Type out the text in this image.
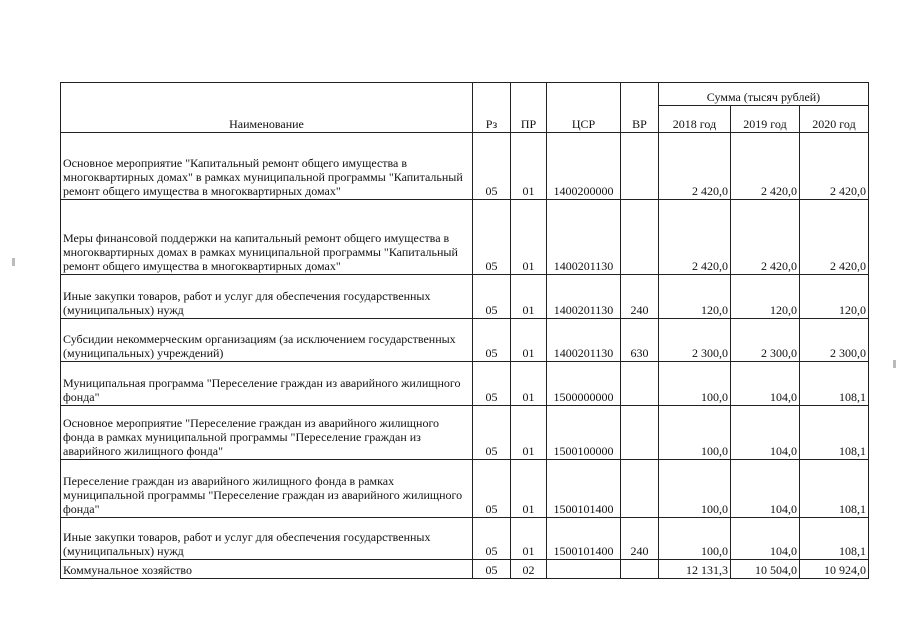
Наименование	Рз	ПР	ЦСР	ВР	Сумма (тысяч рублей)		
					2018 год	2019 год	2020 год
Основное мероприятие "Капитальный ремонт общего имущества в многоквартирных домах" в рамках муниципальной программы "Капитальный ремонт общего имущества в многоквартирных домах"	05	01	1400200000		2 420,0	2 420,0	2 420,0
Меры финансовой поддержки на капитальный ремонт общего имущества в многоквартирных домах в рамках муниципальной программы "Капитальный ремонт общего имущества в многоквартирных домах"	05	01	1400201130		2 420,0	2 420,0	2 420,0
Иные закупки товаров, работ и услуг для обеспечения государственных (муниципальных) нужд	05	01	1400201130	240	120,0	120,0	120,0
Субсидии некоммерческим организациям (за исключением государственных (муниципальных) учреждений)	05	01	1400201130	630	2 300,0	2 300,0	2 300,0
Муниципальная программа "Переселение граждан из аварийного жилищного фонда"	05	01	1500000000		100,0	104,0	108,1
Основное мероприятие "Переселение граждан из аварийного жилищного фонда в рамках муниципальной программы "Переселение граждан из аварийного жилищного фонда"	05	01	1500100000		100,0	104,0	108,1
Переселение граждан из аварийного жилищного фонда в рамках муниципальной программы "Переселение граждан из аварийного жилищного фонда"	05	01	1500101400		100,0	104,0	108,1
Иные закупки товаров, работ и услуг для обеспечения государственных (муниципальных) нужд	05	01	1500101400	240	100,0	104,0	108,1
Коммунальное хозяйство	05	02			12 131,3	10 504,0	10 924,0
